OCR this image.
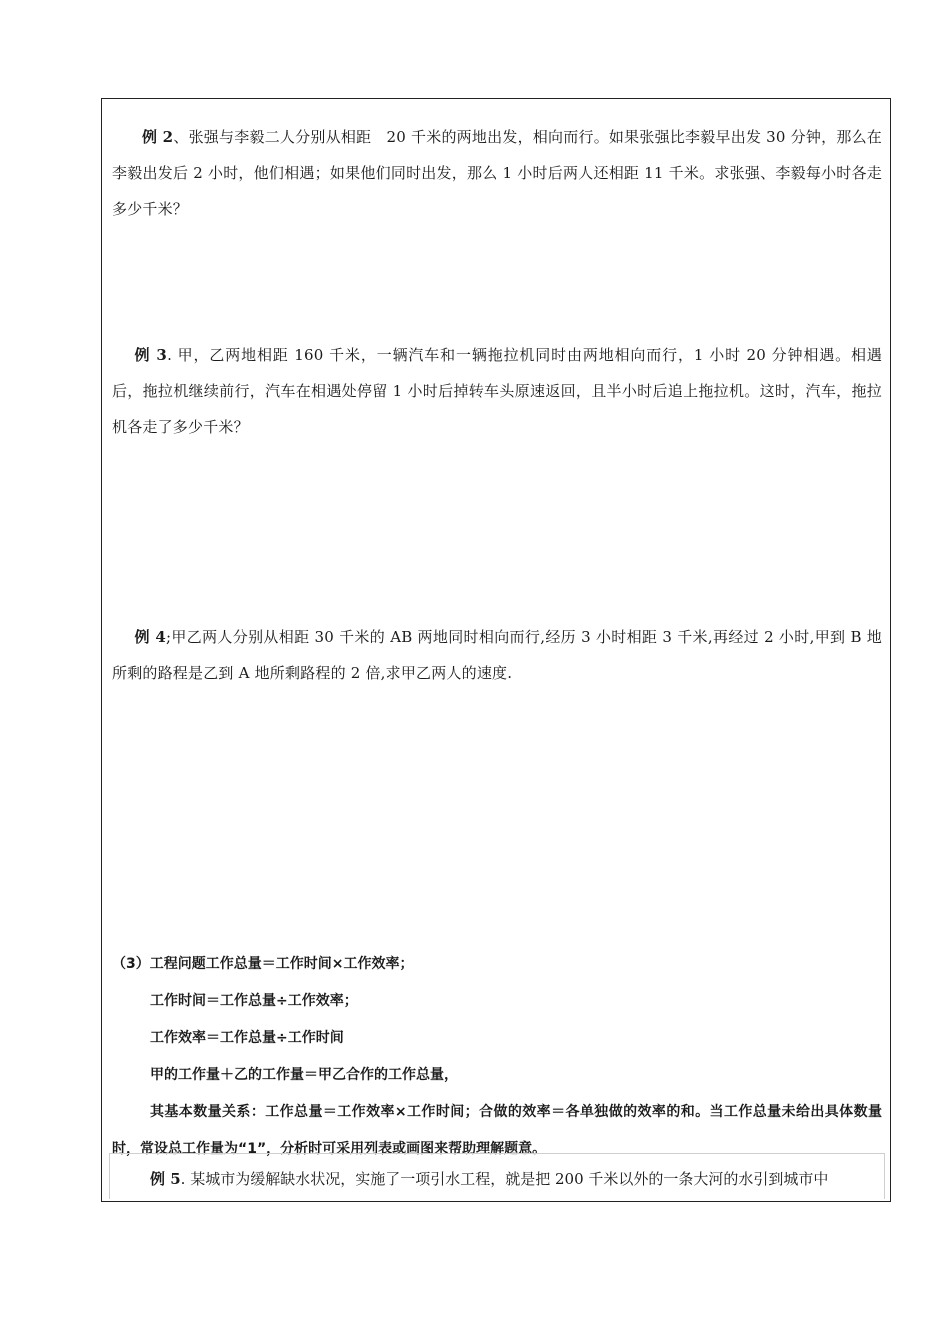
例 2、张强与李毅二人分别从相距　20 千米的两地出发，相向而行。如果张强比李毅早出发 30 分钟，那么在李毅出发后 2 小时，他们相遇；如果他们同时出发，那么 1 小时后两人还相距 11 千米。求张强、李毅每小时各走多少千米？
例 3. 甲，乙两地相距 160 千米，一辆汽车和一辆拖拉机同时由两地相向而行，1 小时 20 分钟相遇。相遇后，拖拉机继续前行，汽车在相遇处停留 1 小时后掉转车头原速返回，且半小时后追上拖拉机。这时，汽车，拖拉机各走了多少千米？
例 4;甲乙两人分别从相距 30 千米的 AB 两地同时相向而行,经历 3 小时相距 3 千米,再经过 2 小时,甲到 B 地所剩的路程是乙到 A 地所剩路程的 2 倍,求甲乙两人的速度.
（3）工程问题工作总量＝工作时间×工作效率；
工作时间＝工作总量÷工作效率；
工作效率＝工作总量÷工作时间
甲的工作量＋乙的工作量＝甲乙合作的工作总量，
其基本数量关系：工作总量＝工作效率×工作时间；合做的效率＝各单独做的效率的和。当工作总量未给出具体数量时，常设总工作量为“1”，分析时可采用列表或画图来帮助理解题意。
例 5. 某城市为缓解缺水状况，实施了一项引水工程，就是把 200 千米以外的一条大河的水引到城市中
